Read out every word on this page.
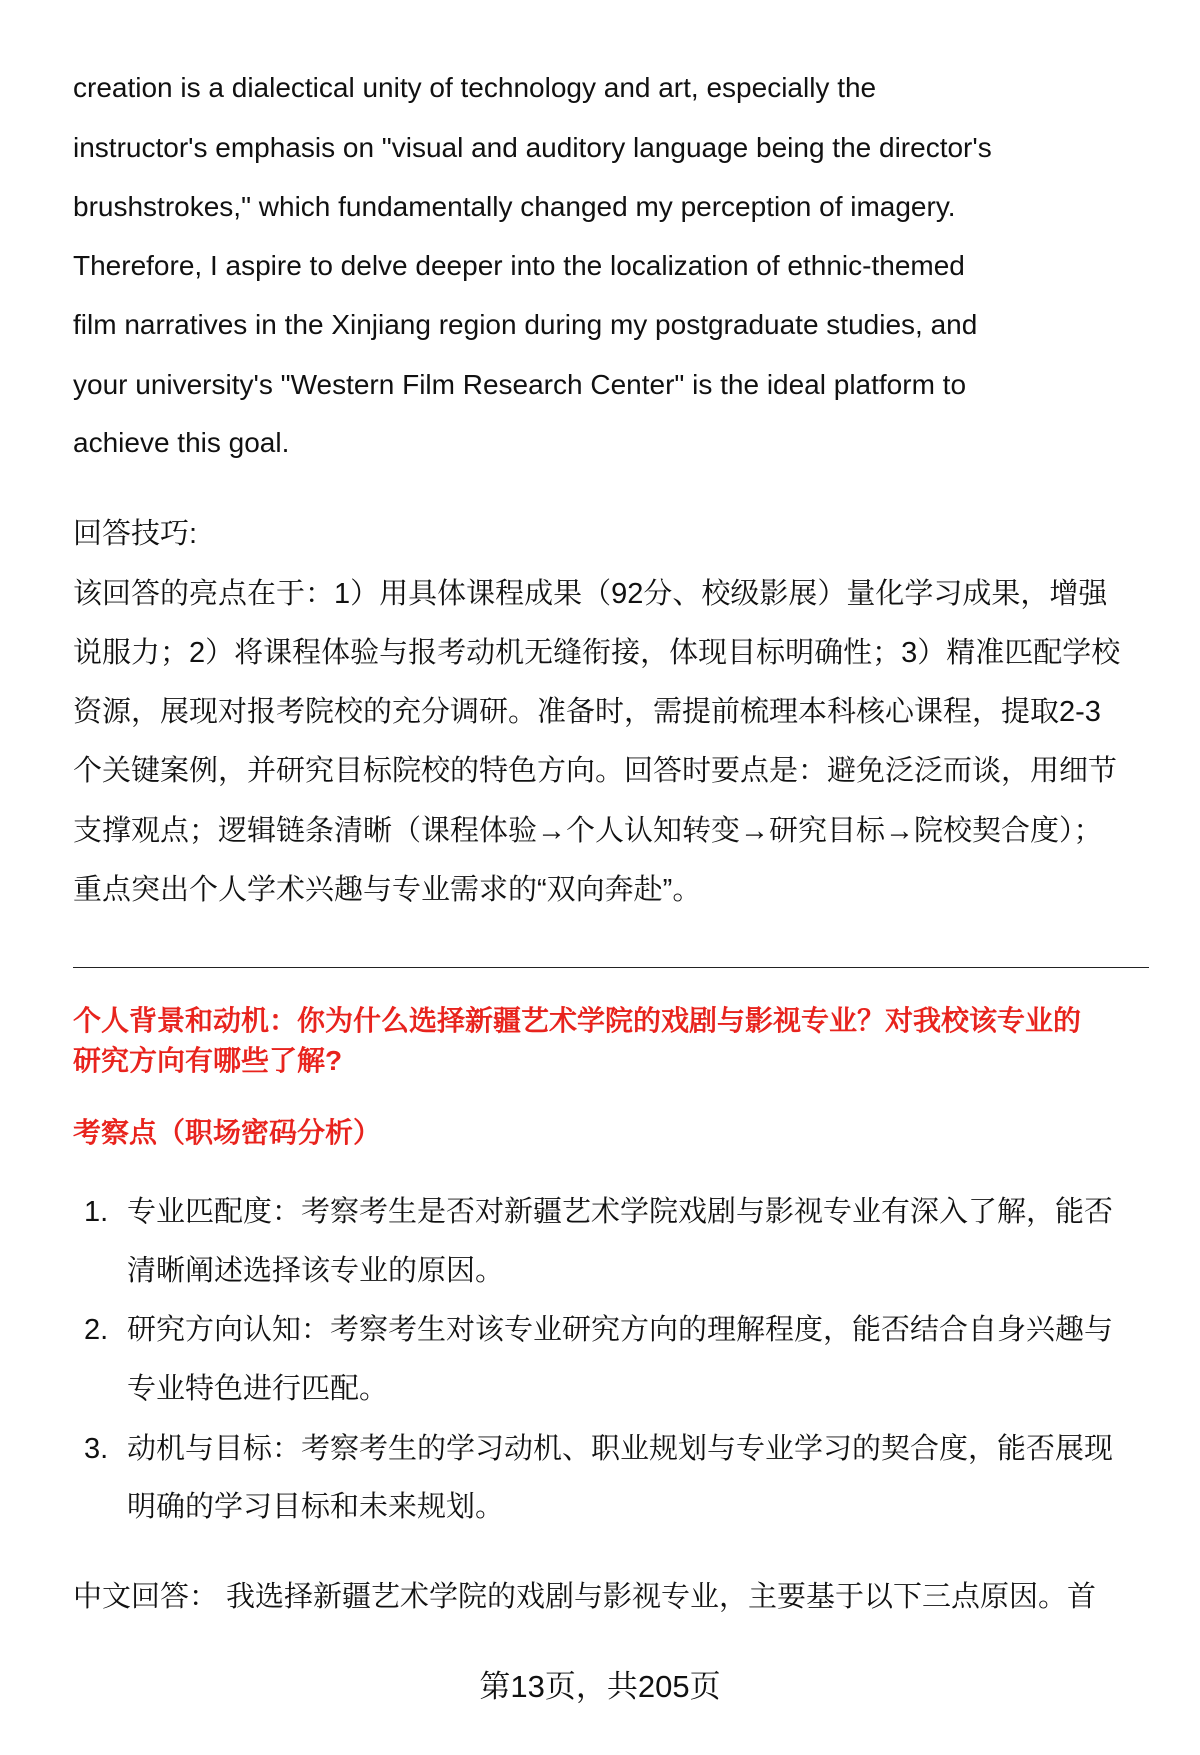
creation is a dialectical unity of technology and art, especially the
instructor's emphasis on "visual and auditory language being the director's
brushstrokes," which fundamentally changed my perception of imagery.
Therefore, I aspire to delve deeper into the localization of ethnic-themed
film narratives in the Xinjiang region during my postgraduate studies, and
your university's "Western Film Research Center" is the ideal platform to
achieve this goal.
回答技巧:
该回答的亮点在于：1）用具体课程成果（92分、校级影展）量化学习成果，增强
说服力；2）将课程体验与报考动机无缝衔接，体现目标明确性；3）精准匹配学校
资源，展现对报考院校的充分调研。准备时，需提前梳理本科核心课程，提取2-3
个关键案例，并研究目标院校的特色方向。回答时要点是：避免泛泛而谈，用细节
支撑观点；逻辑链条清晰（课程体验→个人认知转变→研究目标→院校契合度）；
重点突出个人学术兴趣与专业需求的“双向奔赴”。
个人背景和动机：你为什么选择新疆艺术学院的戏剧与影视专业？对我校该专业的
研究方向有哪些了解?
考察点（职场密码分析）
1. 专业匹配度：考察考生是否对新疆艺术学院戏剧与影视专业有深入了解，能否
清晰阐述选择该专业的原因。
2. 研究方向认知：考察考生对该专业研究方向的理解程度，能否结合自身兴趣与
专业特色进行匹配。
3. 动机与目标：考察考生的学习动机、职业规划与专业学习的契合度，能否展现
明确的学习目标和未来规划。
中文回答： 我选择新疆艺术学院的戏剧与影视专业，主要基于以下三点原因。首
第13页，共205页
